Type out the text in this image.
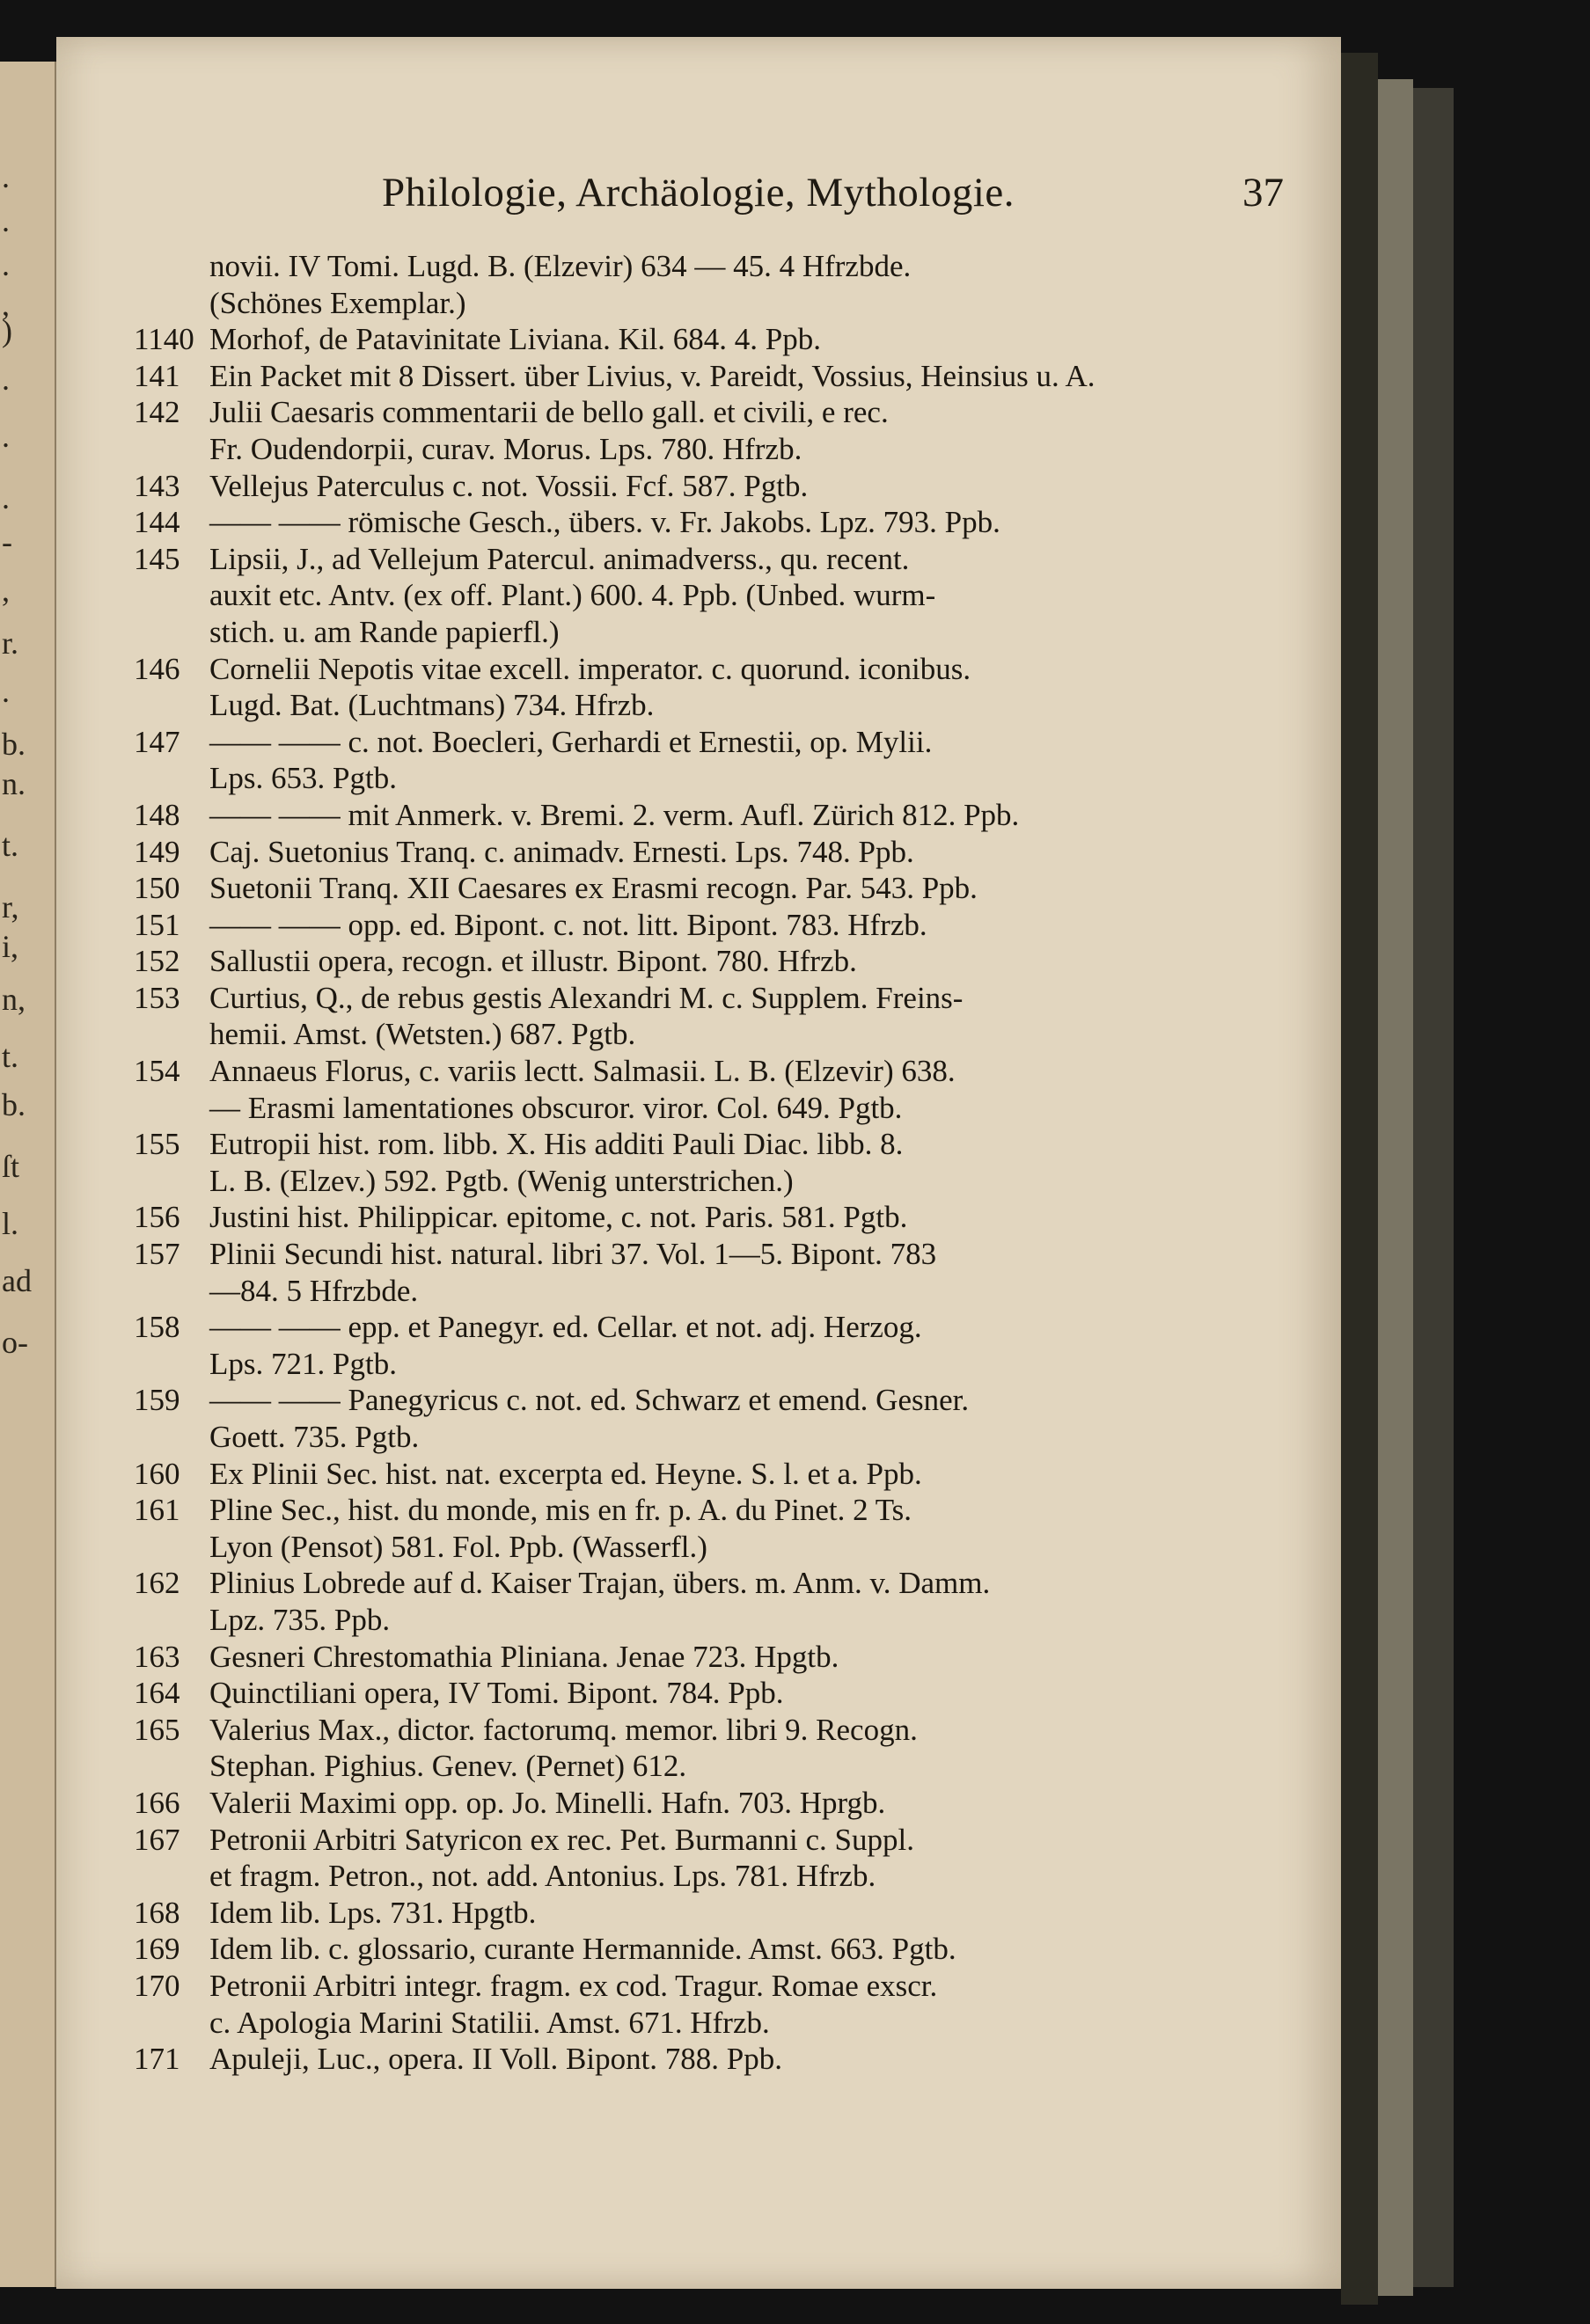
.
.
.
,
)
.
.
.
-
,
r.
.
b.
n.
t.
r,
i,
n,
t.
b.
ſt
l.
ad
o-
Philologie, Archäologie, Mythologie.	37
novii. IV Tomi. Lugd. B. (Elzevir) 634 — 45. 4 Hfrzbde.
(Schönes Exemplar.)
1140 Morhof, de Patavinitate Liviana. Kil. 684. 4. Ppb.
141 Ein Packet mit 8 Dissert. über Livius, v. Pareidt, Vossius, Heinsius u. A.
142 Julii Caesaris commentarii de bello gall. et civili, e rec.
Fr. Oudendorpii, curav. Morus. Lps. 780. Hfrzb.
143 Vellejus Paterculus c. not. Vossii. Fcf. 587. Pgtb.
144 —— —— römische Gesch., übers. v. Fr. Jakobs. Lpz. 793. Ppb.
145 Lipsii, J., ad Vellejum Patercul. animadverss., qu. recent.
auxit etc. Antv. (ex off. Plant.) 600. 4. Ppb. (Unbed. wurm-
stich. u. am Rande papierfl.)
146 Cornelii Nepotis vitae excell. imperator. c. quorund. iconibus.
Lugd. Bat. (Luchtmans) 734. Hfrzb.
147 —— —— c. not. Boecleri, Gerhardi et Ernestii, op. Mylii.
Lps. 653. Pgtb.
148 —— —— mit Anmerk. v. Bremi. 2. verm. Aufl. Zürich 812. Ppb.
149 Caj. Suetonius Tranq. c. animadv. Ernesti. Lps. 748. Ppb.
150 Suetonii Tranq. XII Caesares ex Erasmi recogn. Par. 543. Ppb.
151 —— —— opp. ed. Bipont. c. not. litt. Bipont. 783. Hfrzb.
152 Sallustii opera, recogn. et illustr. Bipont. 780. Hfrzb.
153 Curtius, Q., de rebus gestis Alexandri M. c. Supplem. Freins-
hemii. Amst. (Wetsten.) 687. Pgtb.
154 Annaeus Florus, c. variis lectt. Salmasii. L. B. (Elzevir) 638.
— Erasmi lamentationes obscuror. viror. Col. 649. Pgtb.
155 Eutropii hist. rom. libb. X. His additi Pauli Diac. libb. 8.
L. B. (Elzev.) 592. Pgtb. (Wenig unterstrichen.)
156 Justini hist. Philippicar. epitome, c. not. Paris. 581. Pgtb.
157 Plinii Secundi hist. natural. libri 37. Vol. 1—5. Bipont. 783
—84. 5 Hfrzbde.
158 —— —— epp. et Panegyr. ed. Cellar. et not. adj. Herzog.
Lps. 721. Pgtb.
159 —— —— Panegyricus c. not. ed. Schwarz et emend. Gesner.
Goett. 735. Pgtb.
160 Ex Plinii Sec. hist. nat. excerpta ed. Heyne. S. l. et a. Ppb.
161 Pline Sec., hist. du monde, mis en fr. p. A. du Pinet. 2 Ts.
Lyon (Pensot) 581. Fol. Ppb. (Wasserfl.)
162 Plinius Lobrede auf d. Kaiser Trajan, übers. m. Anm. v. Damm.
Lpz. 735. Ppb.
163 Gesneri Chrestomathia Pliniana. Jenae 723. Hpgtb.
164 Quinctiliani opera, IV Tomi. Bipont. 784. Ppb.
165 Valerius Max., dictor. factorumq. memor. libri 9. Recogn.
Stephan. Pighius. Genev. (Pernet) 612.
166 Valerii Maximi opp. op. Jo. Minelli. Hafn. 703. Hprgb.
167 Petronii Arbitri Satyricon ex rec. Pet. Burmanni c. Suppl.
et fragm. Petron., not. add. Antonius. Lps. 781. Hfrzb.
168 Idem lib. Lps. 731. Hpgtb.
169 Idem lib. c. glossario, curante Hermannide. Amst. 663. Pgtb.
170 Petronii Arbitri integr. fragm. ex cod. Tragur. Romae exscr.
c. Apologia Marini Statilii. Amst. 671. Hfrzb.
171 Apuleji, Luc., opera. II Voll. Bipont. 788. Ppb.
